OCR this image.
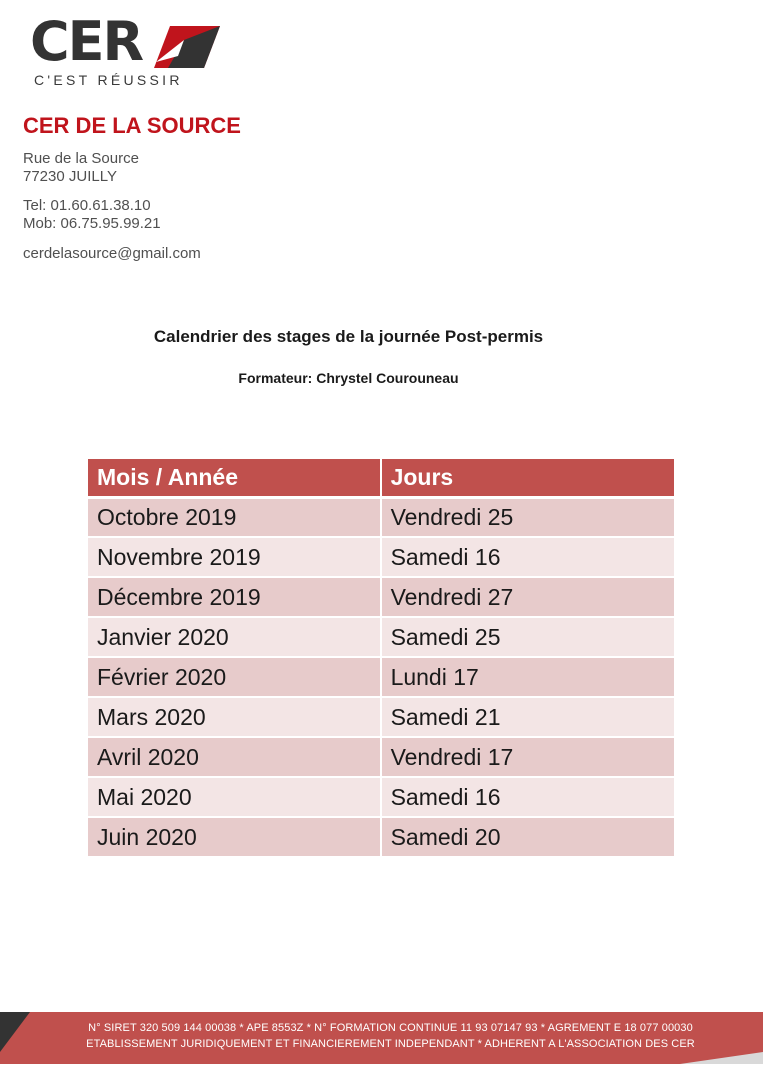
CER
C'EST RÉUSSIR
CER DE LA SOURCE
Rue de la Source
77230 JUILLY
Tel: 01.60.61.38.10
Mob: 06.75.95.99.21
cerdelasource@gmail.com
Calendrier des stages de la journée Post-permis
Formateur: Chrystel Courouneau
Mois / Année	Jours
Octobre 2019	Vendredi 25
Novembre 2019	Samedi 16
Décembre 2019	Vendredi 27
Janvier 2020	Samedi 25
Février 2020	Lundi 17
Mars 2020	Samedi 21
Avril 2020	Vendredi 17
Mai 2020	Samedi 16
Juin 2020	Samedi 20
N° SIRET 320 509 144 00038 * APE 8553Z * N° FORMATION CONTINUE 11 93 07147 93 * AGREMENT E 18 077 00030
ETABLISSEMENT JURIDIQUEMENT ET FINANCIEREMENT INDEPENDANT * ADHERENT A L'ASSOCIATION DES CER
